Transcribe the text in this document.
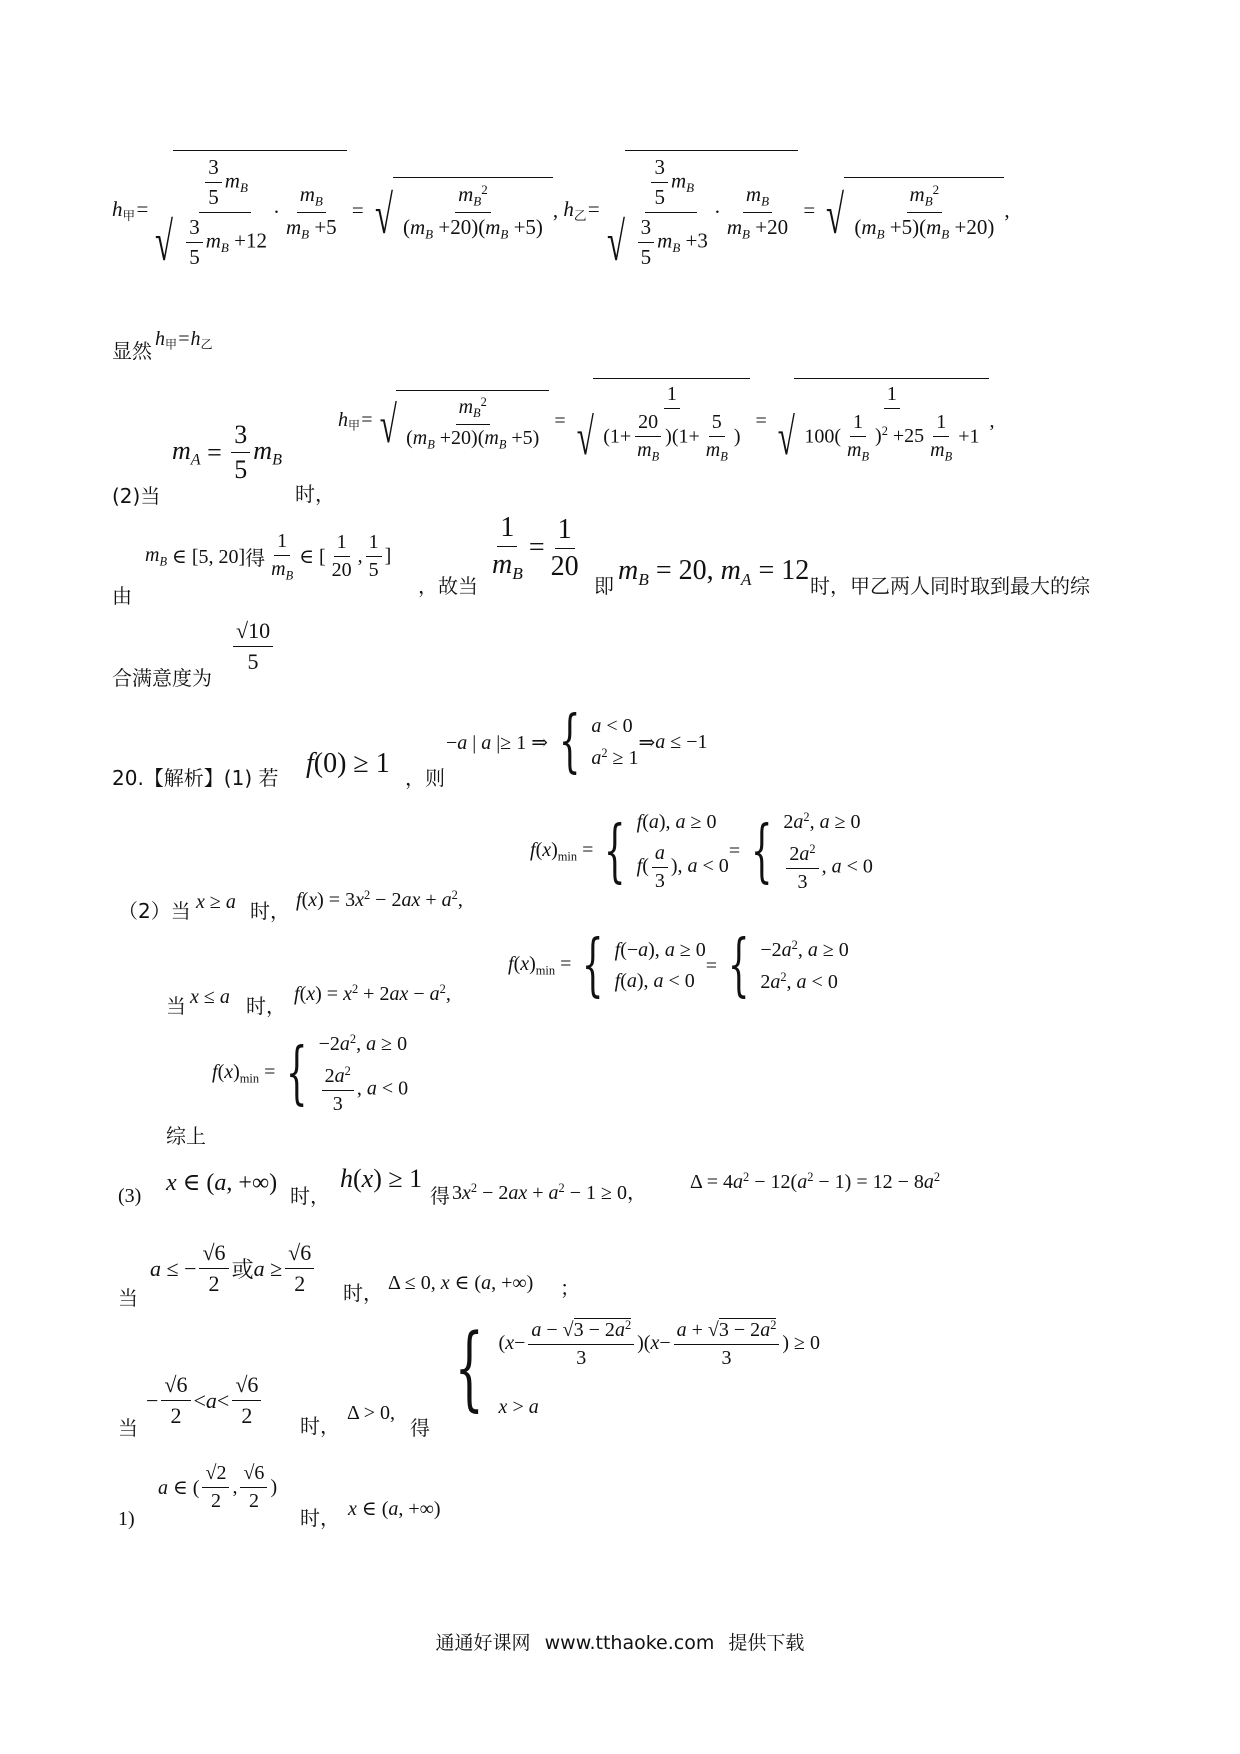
h甲=
√ $\frac{\frac{3}{5} m_B}{\frac{3}{5} m_B +12} \cdot \frac{m_B}{m_B +5}$ = √ $\frac{m_B^2}{(m_B +20)(m_B +5)}$ , h乙=
√ $\frac{\frac{3}{5} m_B}{\frac{3}{5} m_B +3} \cdot \frac{m_B}{m_B +20}$ = √ $\frac{m_B^2}{(m_B +5)(m_B +20)}$ ,
显然 h甲=h乙
h甲= √ $\frac{m_B^2}{(m_B +20)(m_B +5)}$ = √ $\frac{1}{(1+ \frac{20}{m_B} )(1+ \frac{5}{m_B} )}$ = √ $\frac{1}{100( \frac{1}{m_B} )^2 +25 \frac{1}{m_B} +1}$ ,
(2)当
$m_A = \frac{3}{5} m_B$
时，
由
$m_B$ ∈ [5, 20] 得 $\frac{1}{m_B}$ ∈ [ $\frac{1}{20}$ , $\frac{1}{5}$ ]
，故当
$\frac{1}{m_B} = \frac{1}{20}$
即 $m_B = 20$, $m_A = 12$ 时，甲乙两人同时取到最大的综
合满意度为
$\frac{√10}{5}$
20.【解析】(1) 若 f(0) ≥ 1 ，则
−a | a |≥ 1 ⇒ { a < 0
$a^2 \ge 1$
⇒ a ≤ −1
$f(x)_{min}$ = { f(a), a ≥ 0
$f( \frac{a}{3}$ ), a < 0
= { $2a^2$, a ≥ 0
$\frac{2a^2}{3}$ , a < 0
（2）当 x ≥ a 时， $f(x) = 3x^2 - 2ax + a^2$,
$f(x)_{min}$ = { f(−a), a ≥ 0
f(a), a < 0
= { $-2a^2$, a ≥ 0
$2a^2$, a < 0
当 x ≤ a 时，
$f(x) = x^2 + 2ax - a^2$,
$f(x)_{min}$ = { $-2a^2$, a ≥ 0
$\frac{2a^2}{3}$ , a < 0
综上
(3) x ∈ (a, +∞) 时，
h(x) ≥ 1
得 $3x^2 - 2ax + a^2 - 1 \ge 0$，
$\Delta = 4a^2 - 12(a^2 - 1) = 12 - 8a^2$
当
a ≤ − $\frac{√6}{2}$ 或 $a \ge \frac{√6}{2}$ 时， Δ ≤ 0, x ∈ (a, +∞) ；
{ ( $x - \frac{a - √3 - 2a^2}{3}$ )( $x - \frac{a + √3 - 2a^2}{3}$ ) ≥ 0
x > a
当
− $\frac{√6}{2} < a < \frac{√6}{2}$ 时，
Δ > 0,
得
1)
a ∈ ( $\frac{√2}{2}$ , $\frac{√6}{2}$ )
时， x ∈ (a, +∞)
通通好课网 www.tthaoke.com 提供下载
